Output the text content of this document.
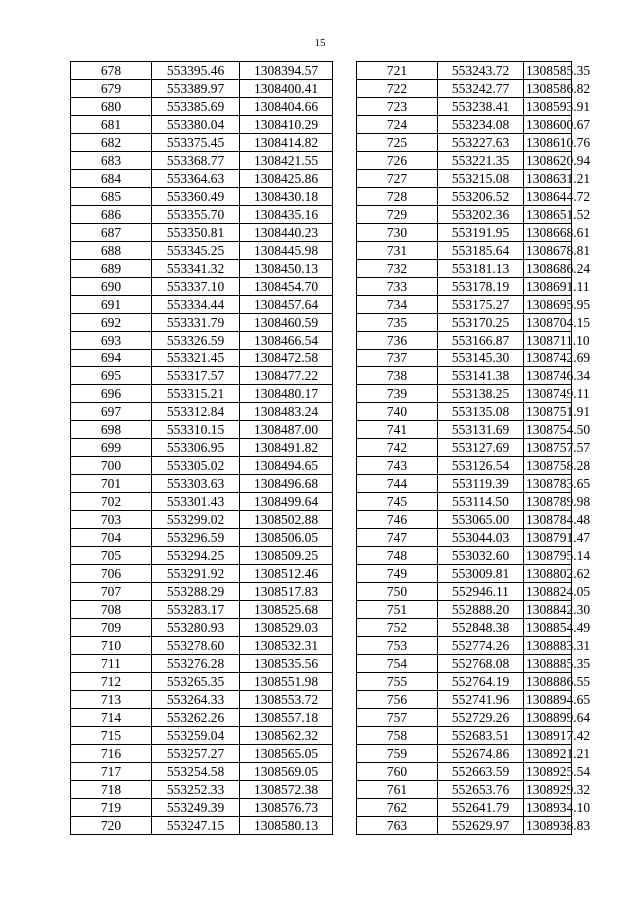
15
678	553395.46	1308394.57
679	553389.97	1308400.41
680	553385.69	1308404.66
681	553380.04	1308410.29
682	553375.45	1308414.82
683	553368.77	1308421.55
684	553364.63	1308425.86
685	553360.49	1308430.18
686	553355.70	1308435.16
687	553350.81	1308440.23
688	553345.25	1308445.98
689	553341.32	1308450.13
690	553337.10	1308454.70
691	553334.44	1308457.64
692	553331.79	1308460.59
693	553326.59	1308466.54
694	553321.45	1308472.58
695	553317.57	1308477.22
696	553315.21	1308480.17
697	553312.84	1308483.24
698	553310.15	1308487.00
699	553306.95	1308491.82
700	553305.02	1308494.65
701	553303.63	1308496.68
702	553301.43	1308499.64
703	553299.02	1308502.88
704	553296.59	1308506.05
705	553294.25	1308509.25
706	553291.92	1308512.46
707	553288.29	1308517.83
708	553283.17	1308525.68
709	553280.93	1308529.03
710	553278.60	1308532.31
711	553276.28	1308535.56
712	553265.35	1308551.98
713	553264.33	1308553.72
714	553262.26	1308557.18
715	553259.04	1308562.32
716	553257.27	1308565.05
717	553254.58	1308569.05
718	553252.33	1308572.38
719	553249.39	1308576.73
720	553247.15	1308580.13
721	553243.72	1308585.35
722	553242.77	1308586.82
723	553238.41	1308593.91
724	553234.08	1308600.67
725	553227.63	1308610.76
726	553221.35	1308620.94
727	553215.08	1308631.21
728	553206.52	1308644.72
729	553202.36	1308651.52
730	553191.95	1308668.61
731	553185.64	1308678.81
732	553181.13	1308686.24
733	553178.19	1308691.11
734	553175.27	1308695.95
735	553170.25	1308704.15
736	553166.87	1308711.10
737	553145.30	1308742.69
738	553141.38	1308746.34
739	553138.25	1308749.11
740	553135.08	1308751.91
741	553131.69	1308754.50
742	553127.69	1308757.57
743	553126.54	1308758.28
744	553119.39	1308783.65
745	553114.50	1308789.98
746	553065.00	1308784.48
747	553044.03	1308791.47
748	553032.60	1308795.14
749	553009.81	1308802.62
750	552946.11	1308824.05
751	552888.20	1308842.30
752	552848.38	1308854.49
753	552774.26	1308883.31
754	552768.08	1308885.35
755	552764.19	1308886.55
756	552741.96	1308894.65
757	552729.26	1308899.64
758	552683.51	1308917.42
759	552674.86	1308921.21
760	552663.59	1308925.54
761	552653.76	1308929.32
762	552641.79	1308934.10
763	552629.97	1308938.83
